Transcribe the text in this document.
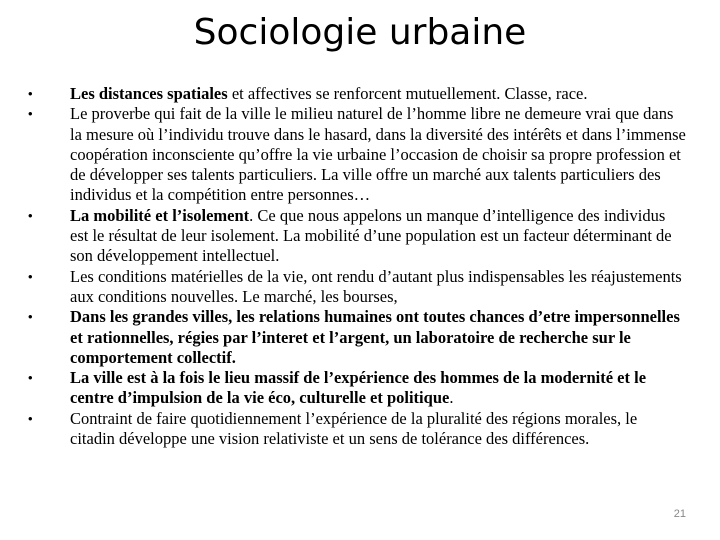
Sociologie urbaine
• Les distances spatiales et affectives se renforcent mutuellement. Classe, race.
• Le proverbe qui fait de la ville le milieu naturel de l’homme libre ne demeure vrai que dans la mesure où l’individu trouve dans le hasard, dans la diversité des intérêts et dans l’immense coopération inconsciente qu’offre la vie urbaine l’occasion de choisir sa propre profession et de développer ses talents particuliers. La ville offre un marché aux talents particuliers des individus et la compétition entre personnes…
• La mobilité et l’isolement. Ce que nous appelons un manque d’intelligence des individus est le résultat de leur isolement. La mobilité d’une population est un facteur déterminant de son développement intellectuel.
• Les conditions matérielles de la vie, ont rendu d’autant plus indispensables les réajustements aux conditions nouvelles. Le marché, les bourses,
• Dans les grandes villes, les relations humaines ont toutes chances d’etre impersonnelles et rationnelles, régies par l’interet et l’argent, un laboratoire de recherche sur le comportement collectif.
• La ville est à la fois le lieu massif de l’expérience des hommes de la modernité et le centre d’impulsion de la vie éco, culturelle et politique.
• Contraint de faire quotidiennement l’expérience de la pluralité des régions morales, le citadin développe une vision relativiste et un sens de tolérance des différences.
21
